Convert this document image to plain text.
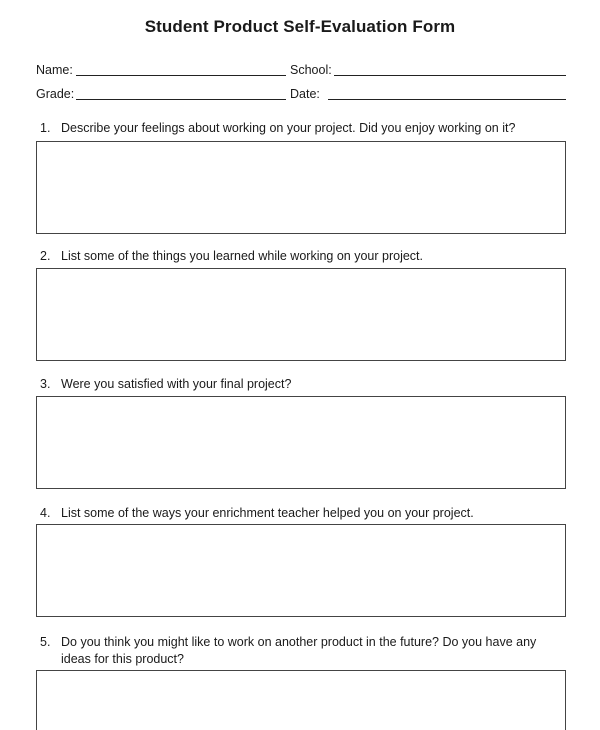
Student Product Self-Evaluation Form
Name:	School:
Grade:	Date:
1. Describe your feelings about working on your project. Did you enjoy working on it?
2. List some of the things you learned while working on your project.
3. Were you satisfied with your final project?
4. List some of the ways your enrichment teacher helped you on your project.
5. Do you think you might like to work on another product in the future? Do you have any ideas for this product?
